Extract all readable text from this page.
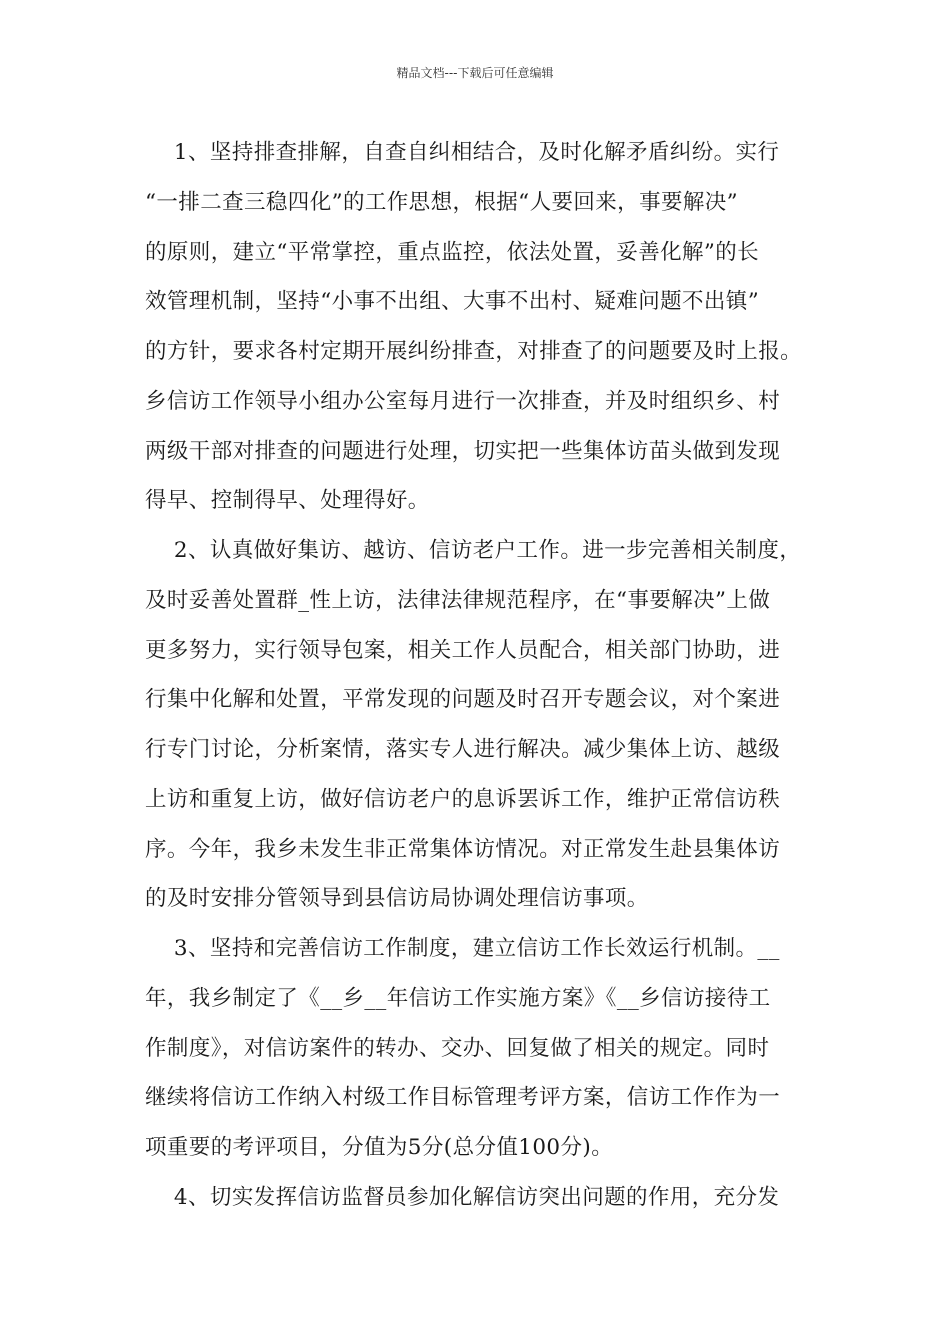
精品文档---下载后可任意编辑
1、坚持排查排解，自查自纠相结合，及时化解矛盾纠纷。实行
“一排二查三稳四化”的工作思想，根据“人要回来，事要解决”
的原则，建立“平常掌控，重点监控，依法处置，妥善化解”的长
效管理机制，坚持“小事不出组、大事不出村、疑难问题不出镇”
的方针，要求各村定期开展纠纷排查，对排查了的问题要及时上报。
乡信访工作领导小组办公室每月进行一次排查，并及时组织乡、村
两级干部对排查的问题进行处理，切实把一些集体访苗头做到发现
得早、控制得早、处理得好。
2、认真做好集访、越访、信访老户工作。进一步完善相关制度，
及时妥善处置群_性上访，法律法律规范程序，在“事要解决”上做
更多努力，实行领导包案，相关工作人员配合，相关部门协助，进
行集中化解和处置，平常发现的问题及时召开专题会议，对个案进
行专门讨论，分析案情，落实专人进行解决。减少集体上访、越级
上访和重复上访，做好信访老户的息诉罢诉工作，维护正常信访秩
序。今年，我乡未发生非正常集体访情况。对正常发生赴县集体访
的及时安排分管领导到县信访局协调处理信访事项。
3、坚持和完善信访工作制度，建立信访工作长效运行机制。__
年，我乡制定了《__乡__年信访工作实施方案》《__乡信访接待工
作制度》，对信访案件的转办、交办、回复做了相关的规定。同时
继续将信访工作纳入村级工作目标管理考评方案，信访工作作为一
项重要的考评项目，分值为5分(总分值100分)。
4、切实发挥信访监督员参加化解信访突出问题的作用，充分发
